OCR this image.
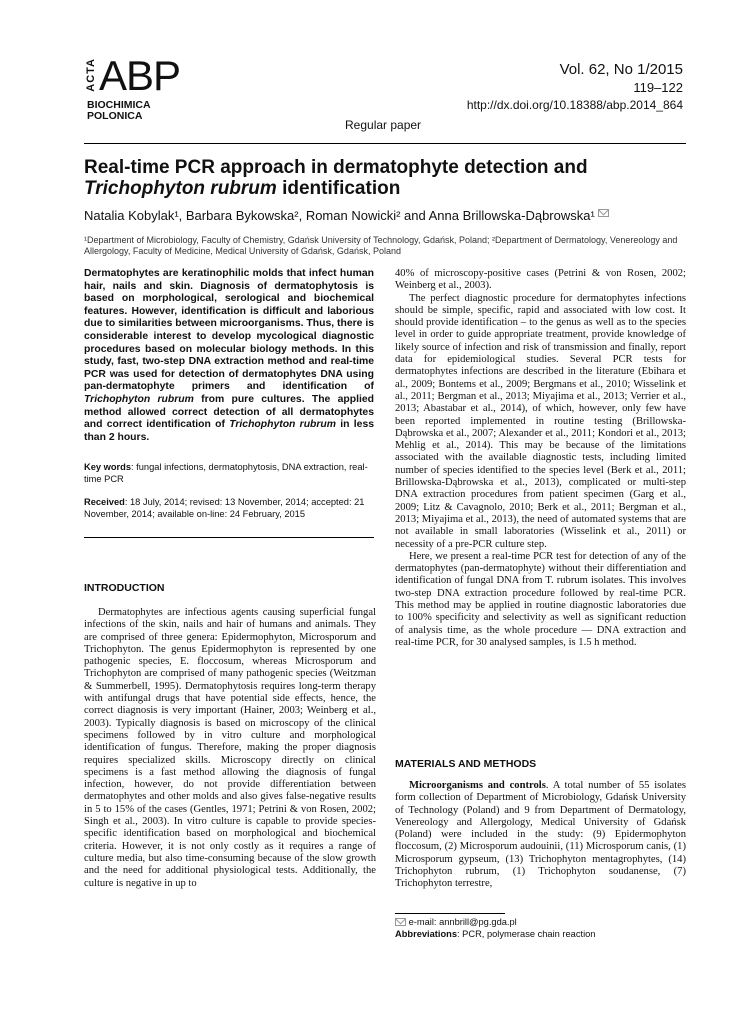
ACTA ABP
BIOCHIMICA
POLONICA
Vol. 62, No 1/2015
119–122
http://dx.doi.org/10.18388/abp.2014_864
Regular paper
Real-time PCR approach in dermatophyte detection and
Trichophyton rubrum identification
Natalia Kobylak¹, Barbara Bykowska², Roman Nowicki² and Anna Brillowska-Dąbrowska¹
¹Department of Microbiology, Faculty of Chemistry, Gdańsk University of Technology, Gdańsk, Poland; ²Department of Dermatology, Venereology and Allergology, Faculty of Medicine, Medical University of Gdańsk, Gdańsk, Poland
Dermatophytes are keratinophilic molds that infect human hair, nails and skin. Diagnosis of dermatophytosis is based on morphological, serological and biochemical features. However, identification is difficult and laborious due to similarities between microorganisms. Thus, there is considerable interest to develop mycological diagnostic procedures based on molecular biology methods. In this study, fast, two-step DNA extraction method and real-time PCR was used for detection of dermatophytes DNA using pan-dermatophyte primers and identification of Trichophyton rubrum from pure cultures. The applied method allowed correct detection of all dermatophytes and correct identification of Trichophyton rubrum in less than 2 hours.
Key words: fungal infections, dermatophytosis, DNA extraction, real-time PCR
Received: 18 July, 2014; revised: 13 November, 2014; accepted: 21 November, 2014; available on-line: 24 February, 2015
INTRODUCTION
Dermatophytes are infectious agents causing superficial fungal infections of the skin, nails and hair of humans and animals. They are comprised of three genera: Epidermophyton, Microsporum and Trichophyton. The genus Epidermophyton is represented by one pathogenic species, E. floccosum, whereas Microsporum and Trichophyton are comprised of many pathogenic species (Weitzman & Summerbell, 1995). Dermatophytosis requires long-term therapy with antifungal drugs that have potential side effects, hence, the correct diagnosis is very important (Hainer, 2003; Weinberg et al., 2003). Typically diagnosis is based on microscopy of the clinical specimens followed by in vitro culture and morphological identification of fungus. Therefore, making the proper diagnosis requires specialized skills. Microscopy directly on clinical specimens is a fast method allowing the diagnosis of fungal infection, however, do not provide differentiation between dermatophytes and other molds and also gives false-negative results in 5 to 15% of the cases (Gentles, 1971; Petrini & von Rosen, 2002; Singh et al., 2003). In vitro culture is capable to provide species-specific identification based on morphological and biochemical criteria. However, it is not only costly as it requires a range of culture media, but also time-consuming because of the slow growth and the need for additional physiological tests. Additionally, the culture is negative in up to

40% of microscopy-positive cases (Petrini & von Rosen, 2002; Weinberg et al., 2003).

The perfect diagnostic procedure for dermatophytes infections should be simple, specific, rapid and associated with low cost. It should provide identification – to the genus as well as to the species level in order to guide appropriate treatment, provide knowledge of likely source of infection and risk of transmission and finally, report data for epidemiological studies. Several PCR tests for dermatophytes infections are described in the literature (Ebihara et al., 2009; Bontems et al., 2009; Bergmans et al., 2010; Wisselink et al., 2011; Bergman et al., 2013; Miyajima et al., 2013; Verrier et al., 2013; Abastabar et al., 2014), of which, however, only few have been reported implemented in routine testing (Brillowska-Dąbrowska et al., 2007; Alexander et al., 2011; Kondori et al., 2013; Mehlig et al., 2014). This may be because of the limitations associated with the available diagnostic tests, including limited number of species identified to the species level (Berk et al., 2011; Brillowska-Dąbrowska et al., 2013), complicated or multi-step DNA extraction procedures from patient specimen (Garg et al., 2009; Litz & Cavagnolo, 2010; Berk et al., 2011; Bergman et al., 2013; Miyajima et al., 2013), the need of automated systems that are not available in small laboratories (Wisselink et al., 2011) or necessity of a pre-PCR culture step.

Here, we present a real-time PCR test for detection of any of the dermatophytes (pan-dermatophyte) without their differentiation and identification of fungal DNA from T. rubrum isolates. This involves two-step DNA extraction procedure followed by real-time PCR. This method may be applied in routine diagnostic laboratories due to 100% specificity and selectivity as well as significant reduction of analysis time, as the whole procedure — DNA extraction and real-time PCR, for 30 analysed samples, is 1.5 h method.

MATERIALS AND METHODS
Microorganisms and controls. A total number of 55 isolates form collection of Department of Microbiology, Gdańsk University of Technology (Poland) and 9 from Department of Dermatology, Venereology and Allergology, Medical University of Gdańsk (Poland) were included in the study: (9) Epidermophyton floccosum, (2) Microsporum audouinii, (11) Microsporum canis, (1) Microsporum gypseum, (13) Trichophyton mentagrophytes, (14) Trichophyton rubrum, (1) Trichophyton soudanense, (7) Trichophyton terrestre,
e-mail: annbrill@pg.gda.pl
Abbreviations: PCR, polymerase chain reaction
